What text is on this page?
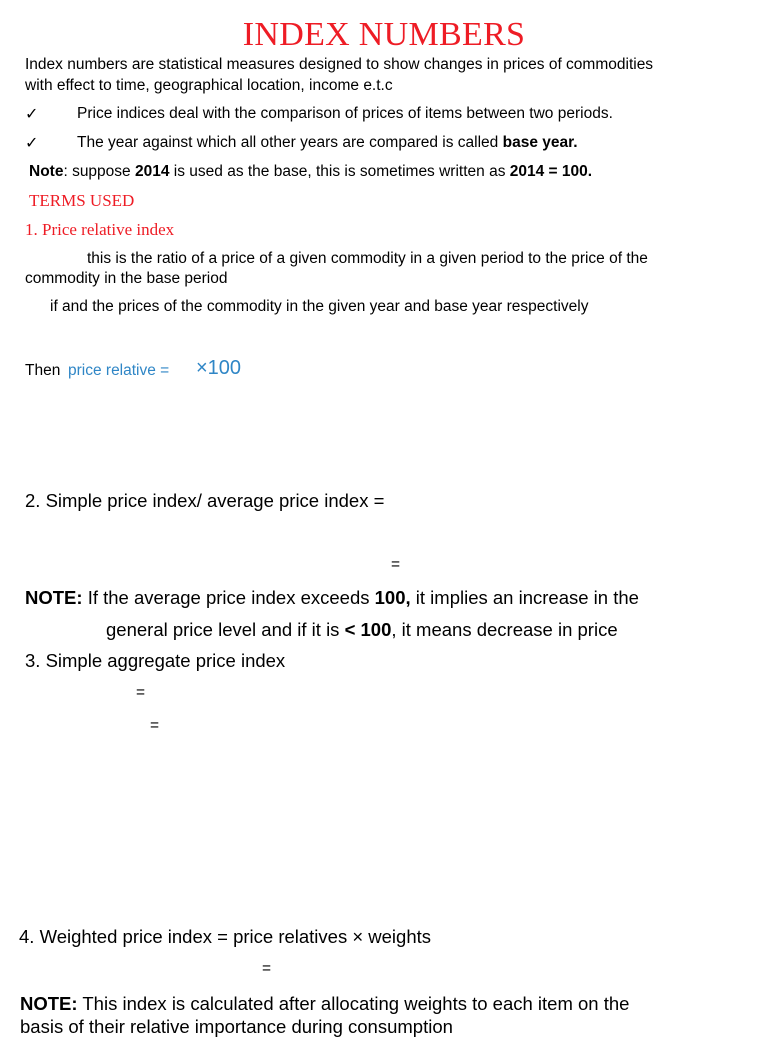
INDEX NUMBERS
Index numbers are statistical measures designed to show changes in prices of commodities
with effect to time, geographical location, income e.t.c
✓ Price indices deal with the comparison of prices of items between two periods.
✓ The year against which all other years are compared is called base year.
Note: suppose 2014 is used as the base, this is sometimes written as 2014 = 100.
TERMS USED
1. Price relative index
this is the ratio of a price of a given commodity in a given period to the price of the
commodity in the base period
if and the prices of the commodity in the given year and base year respectively
Then price relative = ×100
2. Simple price index/ average price index =
=
NOTE: If the average price index exceeds 100, it implies an increase in the
general price level and if it is < 100, it means decrease in price
3. Simple aggregate price index
=
=
4. Weighted price index = price relatives × weights
=
NOTE: This index is calculated after allocating weights to each item on the
basis of their relative importance during consumption
